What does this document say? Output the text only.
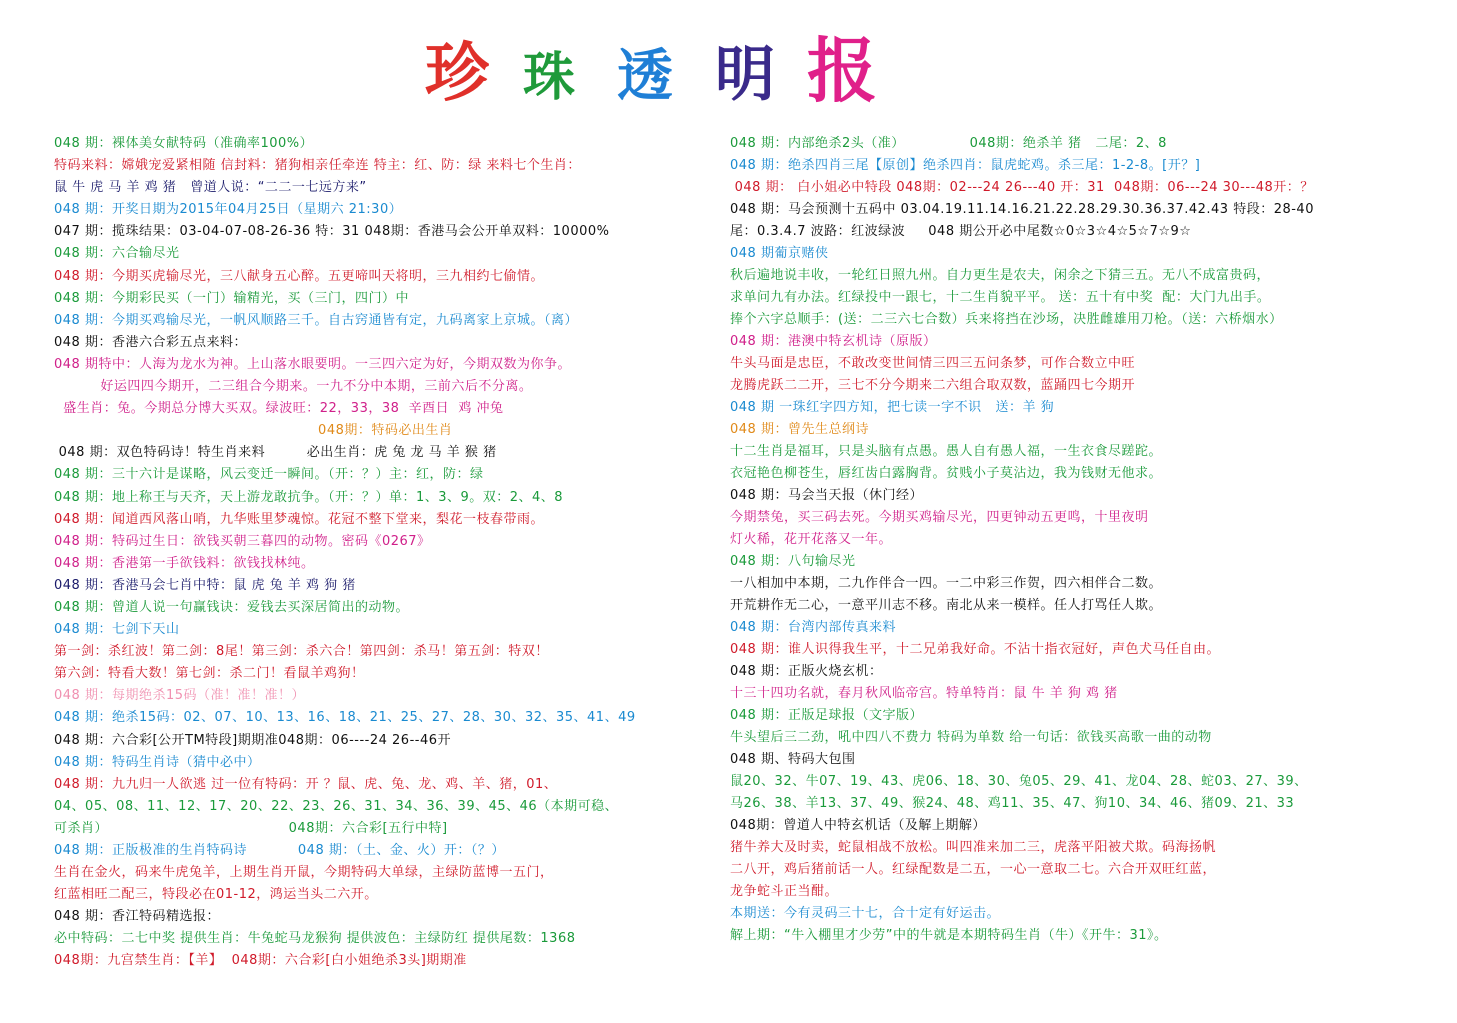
珍 珠 透 明 报
048 期：裸体美女献特码（准确率100%）
特码来料：嫦娥宠爱紧相随 信封料：猪狗相亲任牵连 特主：红、防：绿 来料七个生肖：
鼠 牛 虎 马 羊 鸡 猪   曾道人说：“二二一七远方来”
048 期：开奖日期为2015年04月25日（星期六 21:30）
047 期：揽珠结果：03-04-07-08-26-36 特：31 048期：香港马会公开单双料：10000%
048 期：六合输尽光
048 期：今期买虎输尽光，三八献身五心醉。五更啼叫天将明，三九相约七偷情。
048 期：今期彩民买（一门）输精光，买（三门，四门）中
048 期：今期买鸡输尽光，一帆风顺路三千。自古窍通皆有定，九码离家上京城。（离）
048 期：香港六合彩五点来料：
048 期特中：人海为龙水为神。上山落水眼要明。一三四六定为好，今期双数为你争。
好运四四今期开，二三组合今期来。一九不分中本期，三前六后不分离。
盛生肖：兔。今期总分博大买双。绿波旺：22，33，38  辛酉日  鸡 冲兔
048期：特码必出生肖
048 期：双色特码诗！特生肖来料         必出生肖：虎 兔 龙 马 羊 猴 猪
048 期：三十六计是谋略，风云变迁一瞬间。（开：？）主：红，防：绿
048 期：地上称王与天齐，天上游龙敢抗争。（开：？）单：1、3、9。双：2、4、8
048 期：闻道西风落山哨，九华账里梦魂惊。花冠不整下堂来，梨花一枝春带雨。
048 期：特码过生日：欲钱买朝三暮四的动物。密码《0267》
048 期：香港第一手欲钱料：欲钱找林纯。
048 期：香港马会七肖中特：鼠 虎 兔 羊 鸡 狗 猪
048 期：曾道人说一句赢钱诀：爱钱去买深居简出的动物。
048 期：七剑下天山
第一剑：杀红波！第二剑：8尾！第三剑：杀六合！第四剑：杀马！第五剑：特双！
第六剑：特看大数！第七剑：杀二门！看鼠羊鸡狗！
048 期：每期绝杀15码（准！准！准！）
048 期：绝杀15码：02、07、10、13、16、18、21、25、27、28、30、32、35、41、49
048 期：六合彩[公开TM特段]期期准048期：06----24 26--46开
048 期：特码生肖诗（猜中必中）
048 期：九九归一人欲逃 过一位有特码：开 ？鼠、虎、兔、龙、鸡、羊、猪，01、
04、05、08、11、12、17、20、22、23、26、31、34、36、39、45、46（本期可稳、
可杀肖）                                       048期：六合彩[五行中特]
048 期：正版极准的生肖特码诗           048 期：（土、金、火）开：（？）
生肖在金火，码来牛虎兔羊，上期生肖开鼠，今期特码大单绿，主绿防蓝博一五门，
红蓝相旺二配三，特段必在01-12，鸿运当头二六开。
048 期：香江特码精选报：
必中特码：二七中奖 提供生肖：牛兔蛇马龙猴狗 提供波色：主绿防红 提供尾数：1368
048期：九宫禁生肖：【羊】  048期：六合彩[白小姐绝杀3头]期期准
048 期：内部绝杀2头（准）              048期：绝杀羊 猪   二尾：2、8
048 期：绝杀四肖三尾【原创】绝杀四肖：鼠虎蛇鸡。杀三尾：1-2-8。[开？]
048 期： 白小姐必中特段 048期：02---24 26---40 开：31  048期：06---24 30---48开：？
048 期：马会预测十五码中 03.04.19.11.14.16.21.22.28.29.30.36.37.42.43 特段：28-40
尾：0.3.4.7 波路：红波绿波     048 期公开必中尾数☆0☆3☆4☆5☆7☆9☆
048 期葡京赌侠
秋后遍地说丰收，一轮红日照九州。自力更生是农夫，闲余之下猜三五。无八不成富贵码，
求单问九有办法。红绿投中一跟七，十二生肖貌平平。 送：五十有中奖  配：大门九出手。
捧个六字总顺手：(送：二三六七合数）兵来将挡在沙场，决胜雌雄用刀枪。（送：六桥烟水）
048 期：港澳中特玄机诗（原版）
牛头马面是忠臣，不敢改变世间情三四三五问条梦，可作合数立中旺
龙腾虎跃二二开，三七不分今期来二六组合取双数，蓝踊四七今期开
048 期 一珠红字四方知，把七读一字不识   送：羊 狗
048 期：曾先生总纲诗
十二生肖是福耳，只是头脑有点愚。愚人自有愚人福，一生衣食尽蹉跎。
衣冠艳色柳苍生，唇红齿白露胸背。贫贱小子莫沾边，我为钱财无他求。
048 期：马会当天报（休门经）
今期禁兔，买三码去死。今期买鸡输尽光，四更钟动五更鸣，十里夜明
灯火稀，花开花落又一年。
048 期：八句输尽光
一八相加中本期，二九作伴合一四。一二中彩三作贺，四六相伴合二数。
开荒耕作无二心，一意平川志不移。南北从来一模样。任人打骂任人欺。
048 期：台湾内部传真来料
048 期：谁人识得我生平，十二兄弟我好命。不沾十指衣冠好，声色犬马任自由。
048 期：正版火烧玄机：
十三十四功名就，春月秋风临帝宫。特单特肖：鼠 牛 羊 狗 鸡 猪
048 期：正版足球报（文字版）
牛头望后三二劲，吼中四八不费力 特码为单数 给一句话：欲钱买高歌一曲的动物
048 期、特码大包围
鼠20、32、牛07、19、43、虎06、18、30、兔05、29、41、龙04、28、蛇03、27、39、
马26、38、羊13、37、49、猴24、48、鸡11、35、47、狗10、34、46、猪09、21、33
048期：曾道人中特玄机话（及解上期解）
猪牛养大及时卖，蛇鼠相战不放松。叫四准来加二三，虎落平阳被犬欺。码海扬帆
二八开，鸡后猪前话一人。红绿配数是二五，一心一意取二七。六合开双旺红蓝，
龙争蛇斗正当酣。
本期送：今有灵码三十七，合十定有好运击。
解上期：“牛入棚里才少劳”中的牛就是本期特码生肖（牛）《开牛：31》。
